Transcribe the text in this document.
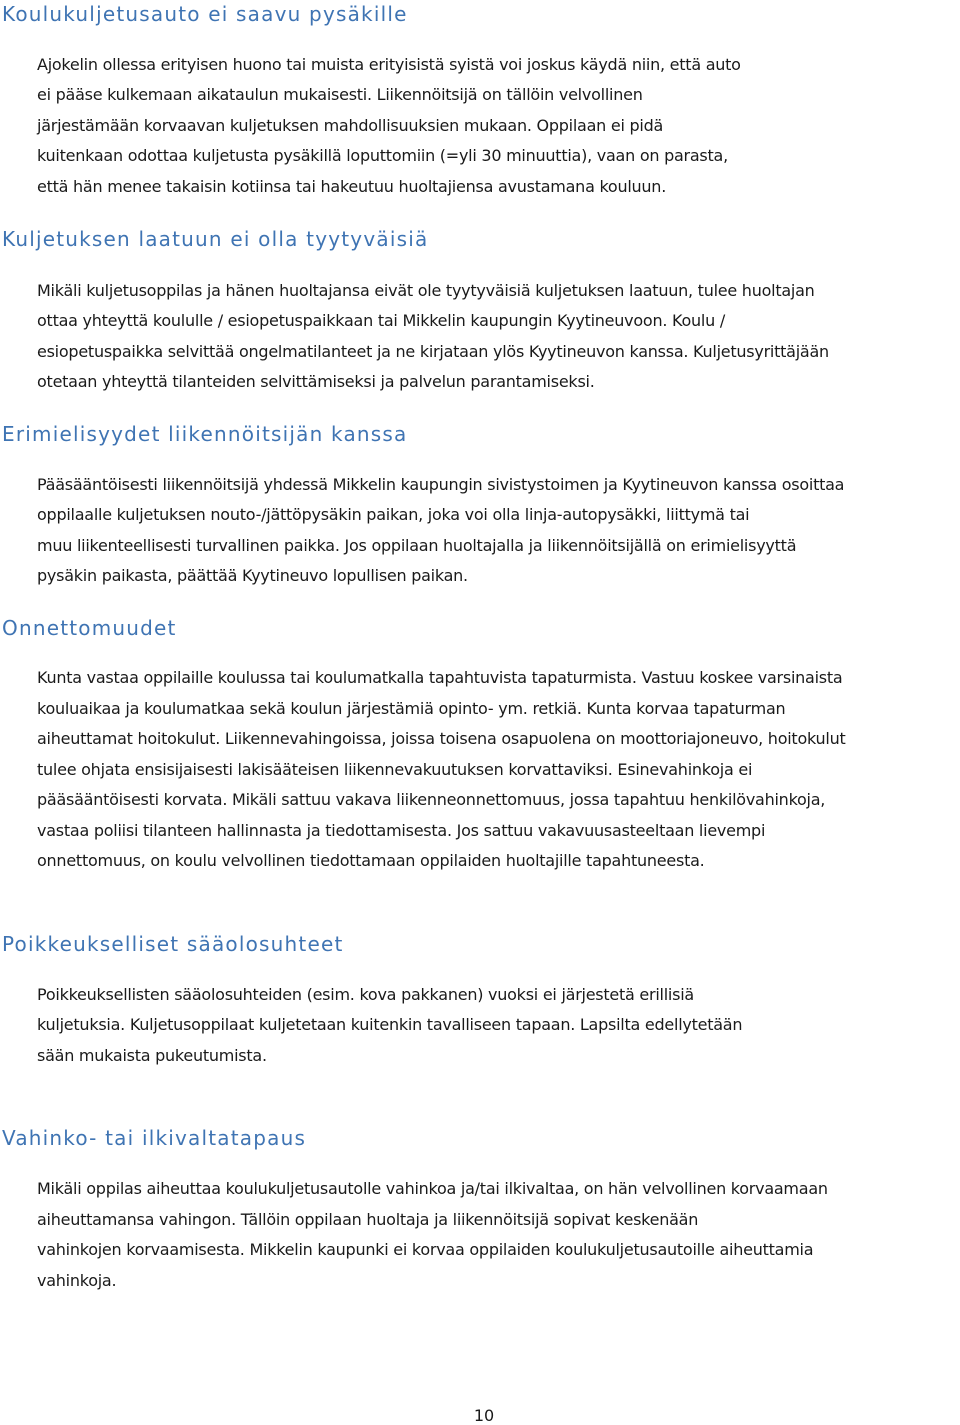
Koulukuljetusauto ei saavu pysäkille
Ajokelin ollessa erityisen huono tai muista erityisistä syistä voi joskus käydä niin, että auto
ei pääse kulkemaan aikataulun mukaisesti. Liikennöitsijä on tällöin velvollinen
järjestämään korvaavan kuljetuksen mahdollisuuksien mukaan. Oppilaan ei pidä
kuitenkaan odottaa kuljetusta pysäkillä loputtomiin (=yli 30 minuuttia), vaan on parasta,
että hän menee takaisin kotiinsa tai hakeutuu huoltajiensa avustamana kouluun.
Kuljetuksen laatuun ei olla tyytyväisiä
Mikäli kuljetusoppilas ja hänen huoltajansa eivät ole tyytyväisiä kuljetuksen laatuun, tulee huoltajan
ottaa yhteyttä koululle / esiopetuspaikkaan tai Mikkelin kaupungin Kyytineuvoon. Koulu /
esiopetuspaikka selvittää ongelmatilanteet ja ne kirjataan ylös Kyytineuvon kanssa. Kuljetusyrittäjään
otetaan yhteyttä tilanteiden selvittämiseksi ja palvelun parantamiseksi.
Erimielisyydet liikennöitsijän kanssa
Pääsääntöisesti liikennöitsijä yhdessä Mikkelin kaupungin sivistystoimen ja Kyytineuvon kanssa osoittaa
oppilaalle kuljetuksen nouto-/jättöpysäkin paikan, joka voi olla linja-autopysäkki, liittymä tai
muu liikenteellisesti turvallinen paikka. Jos oppilaan huoltajalla ja liikennöitsijällä on erimielisyyttä
pysäkin paikasta, päättää Kyytineuvo lopullisen paikan.
Onnettomuudet
Kunta vastaa oppilaille koulussa tai koulumatkalla tapahtuvista tapaturmista. Vastuu koskee varsinaista
kouluaikaa ja koulumatkaa sekä koulun järjestämiä opinto- ym. retkiä. Kunta korvaa tapaturman
aiheuttamat hoitokulut. Liikennevahingoissa, joissa toisena osapuolena on moottoriajoneuvo, hoitokulut
tulee ohjata ensisijaisesti lakisääteisen liikennevakuutuksen korvattaviksi. Esinevahinkoja ei
pääsääntöisesti korvata. Mikäli sattuu vakava liikenneonnettomuus, jossa tapahtuu henkilövahinkoja,
vastaa poliisi tilanteen hallinnasta ja tiedottamisesta. Jos sattuu vakavuusasteeltaan lievempi
onnettomuus, on koulu velvollinen tiedottamaan oppilaiden huoltajille tapahtuneesta.
Poikkeukselliset sääolosuhteet
Poikkeuksellisten sääolosuhteiden (esim. kova pakkanen) vuoksi ei järjestetä erillisiä
kuljetuksia. Kuljetusoppilaat kuljetetaan kuitenkin tavalliseen tapaan. Lapsilta edellytetään
sään mukaista pukeutumista.
Vahinko- tai ilkivaltatapaus
Mikäli oppilas aiheuttaa koulukuljetusautolle vahinkoa ja/tai ilkivaltaa, on hän velvollinen korvaamaan
aiheuttamansa vahingon. Tällöin oppilaan huoltaja ja liikennöitsijä sopivat keskenään
vahinkojen korvaamisesta. Mikkelin kaupunki ei korvaa oppilaiden koulukuljetusautoille aiheuttamia
vahinkoja.
10
